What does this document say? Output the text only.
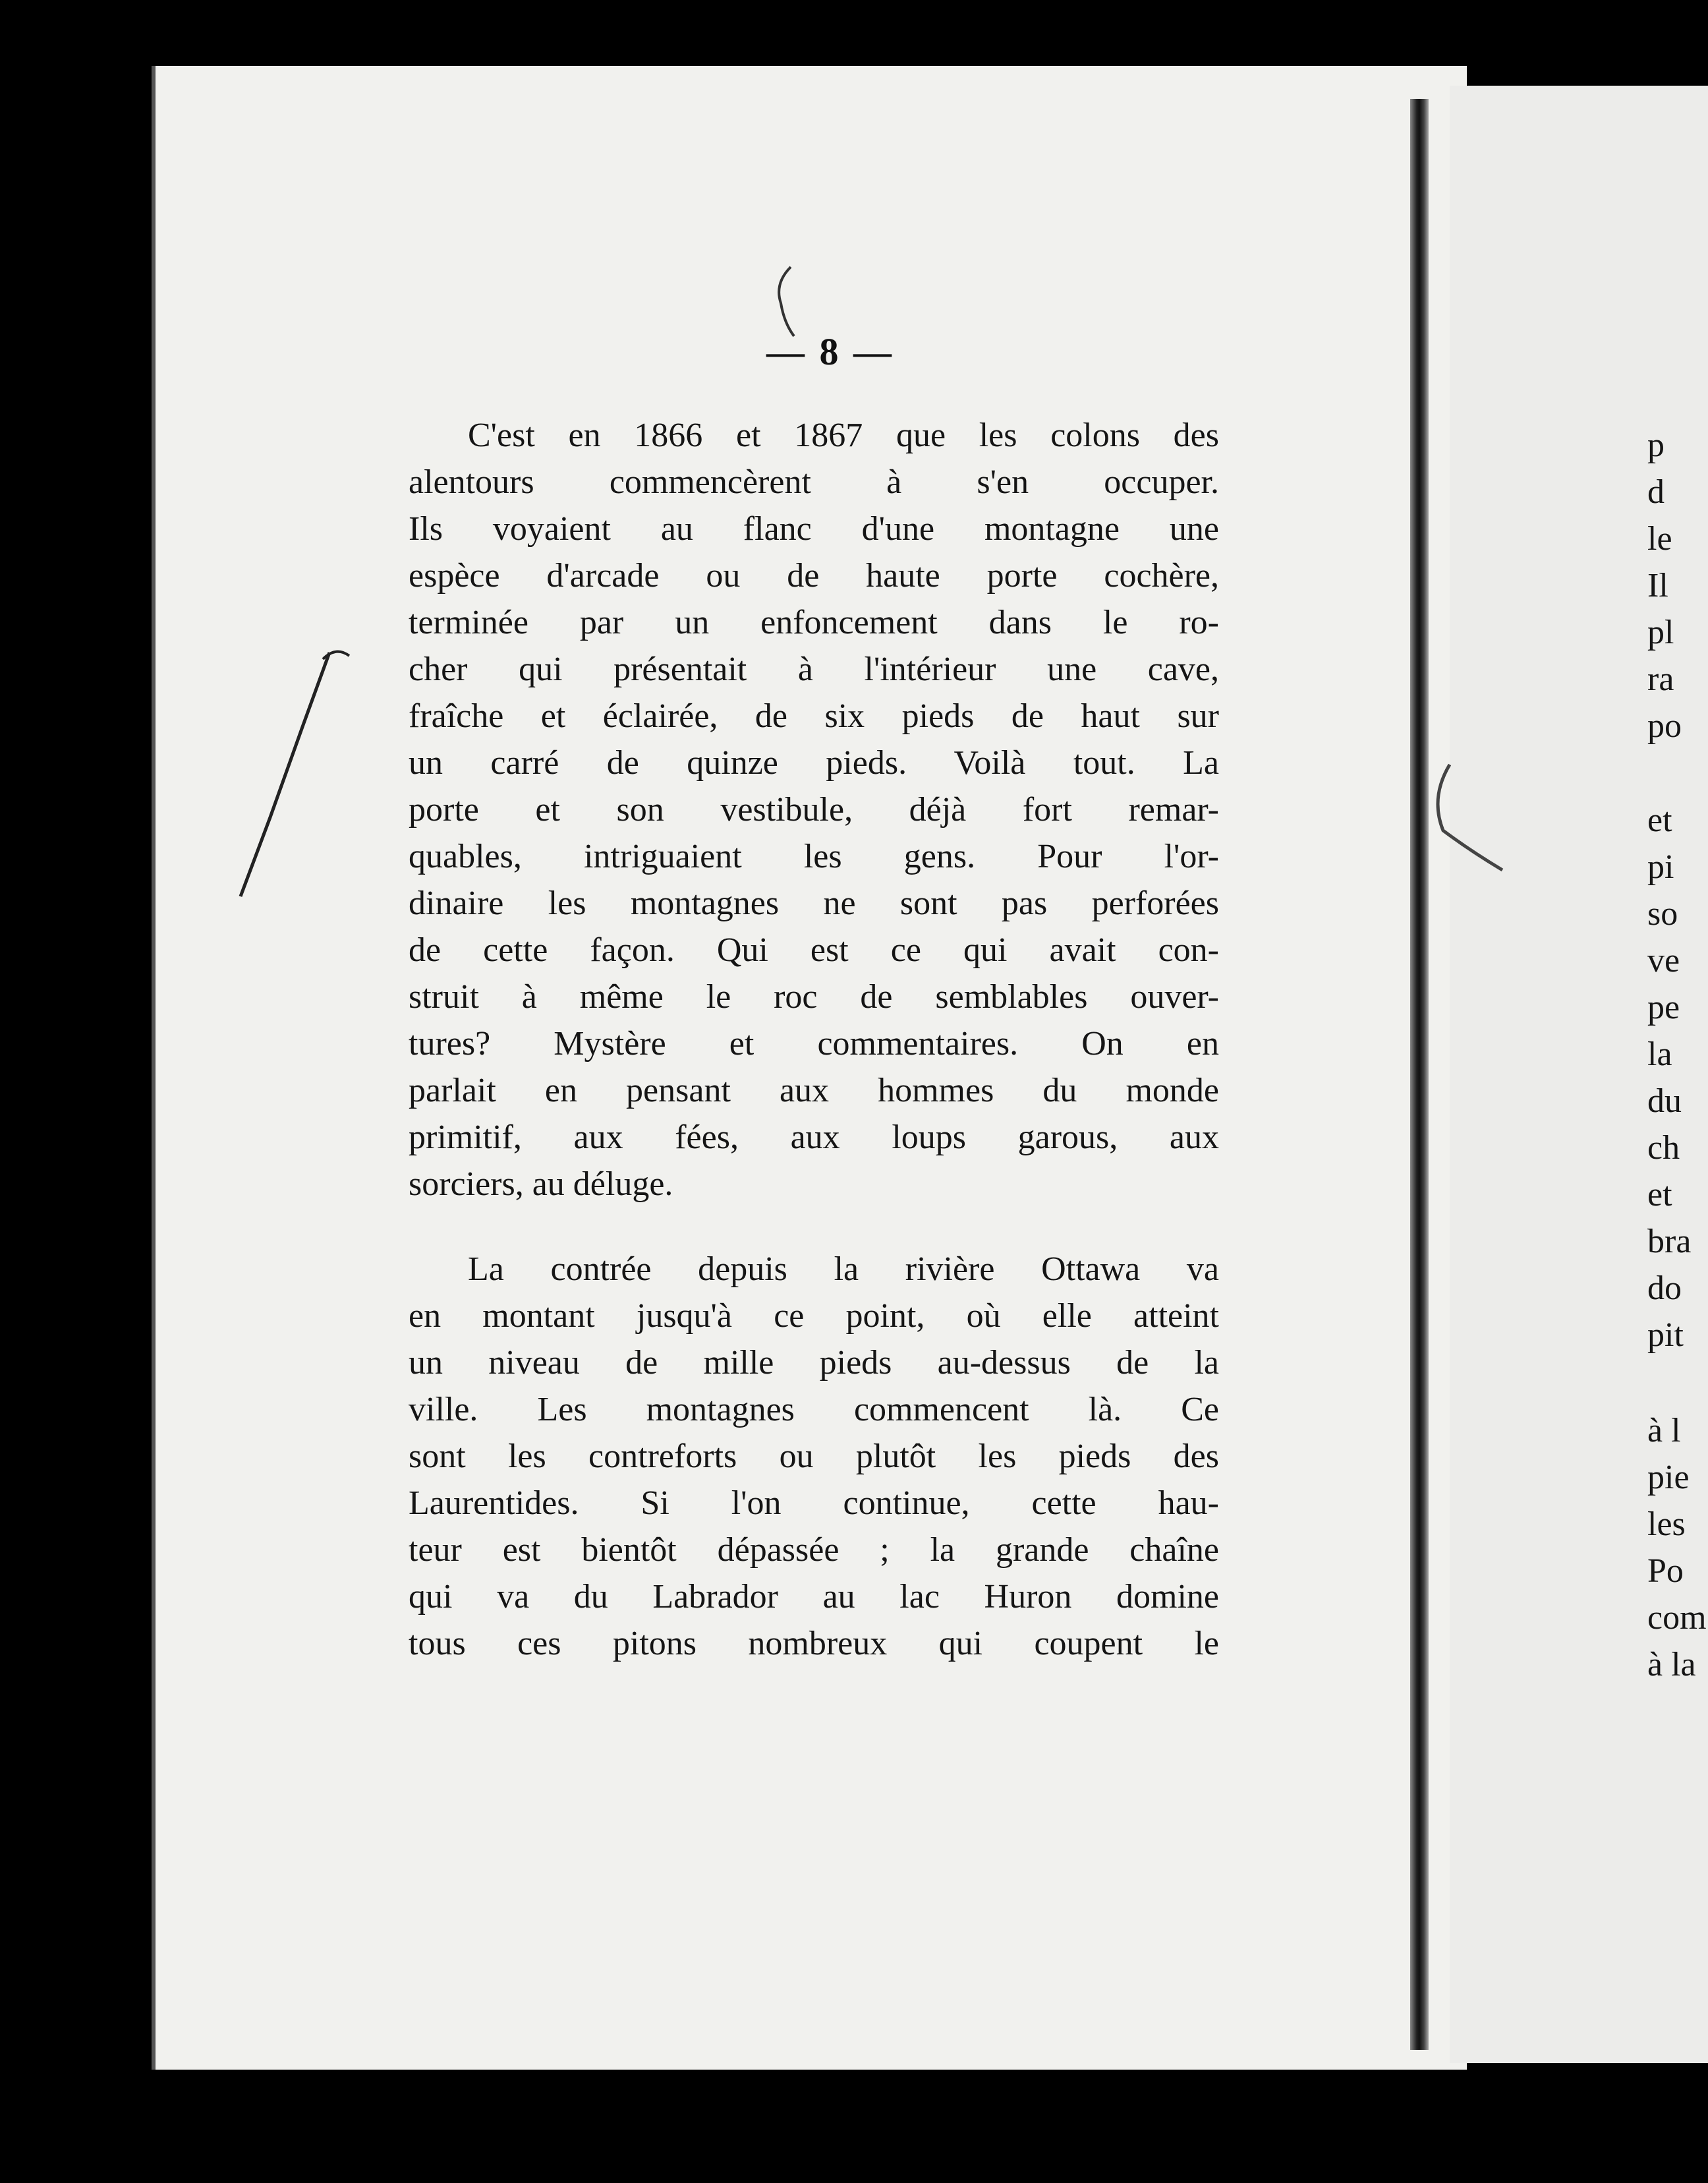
— 8 —

C'est en 1866 et 1867 que les colons des
alentours commencèrent à s'en occuper.
Ils voyaient au flanc d'une montagne une
espèce d'arcade ou de haute porte cochère,
terminée par un enfoncement dans le ro-
cher qui présentait à l'intérieur une cave,
fraîche et éclairée, de six pieds de haut sur
un carré de quinze pieds. Voilà tout. La
porte et son vestibule, déjà fort remar-
quables, intriguaient les gens. Pour l'or-
dinaire les montagnes ne sont pas perforées
de cette façon. Qui est ce qui avait con-
struit à même le roc de semblables ouver-
tures? Mystère et commentaires. On en
parlait en pensant aux hommes du monde
primitif, aux fées, aux loups garous, aux
sorciers, au déluge.

La contrée depuis la rivière Ottawa va
en montant jusqu'à ce point, où elle atteint
un niveau de mille pieds au-dessus de la
ville. Les montagnes commencent là. Ce
sont les contreforts ou plutôt les pieds des
Laurentides. Si l'on continue, cette hau-
teur est bientôt dépassée ; la grande chaîne
qui va du Labrador au lac Huron domine
tous ces pitons nombreux qui coupent le

p
d
le
Il
pl
ra
po
et
pi
so
ve
pe
la
du
ch
et
bra
do
pit
à l
pie
les
Po
com
à la
